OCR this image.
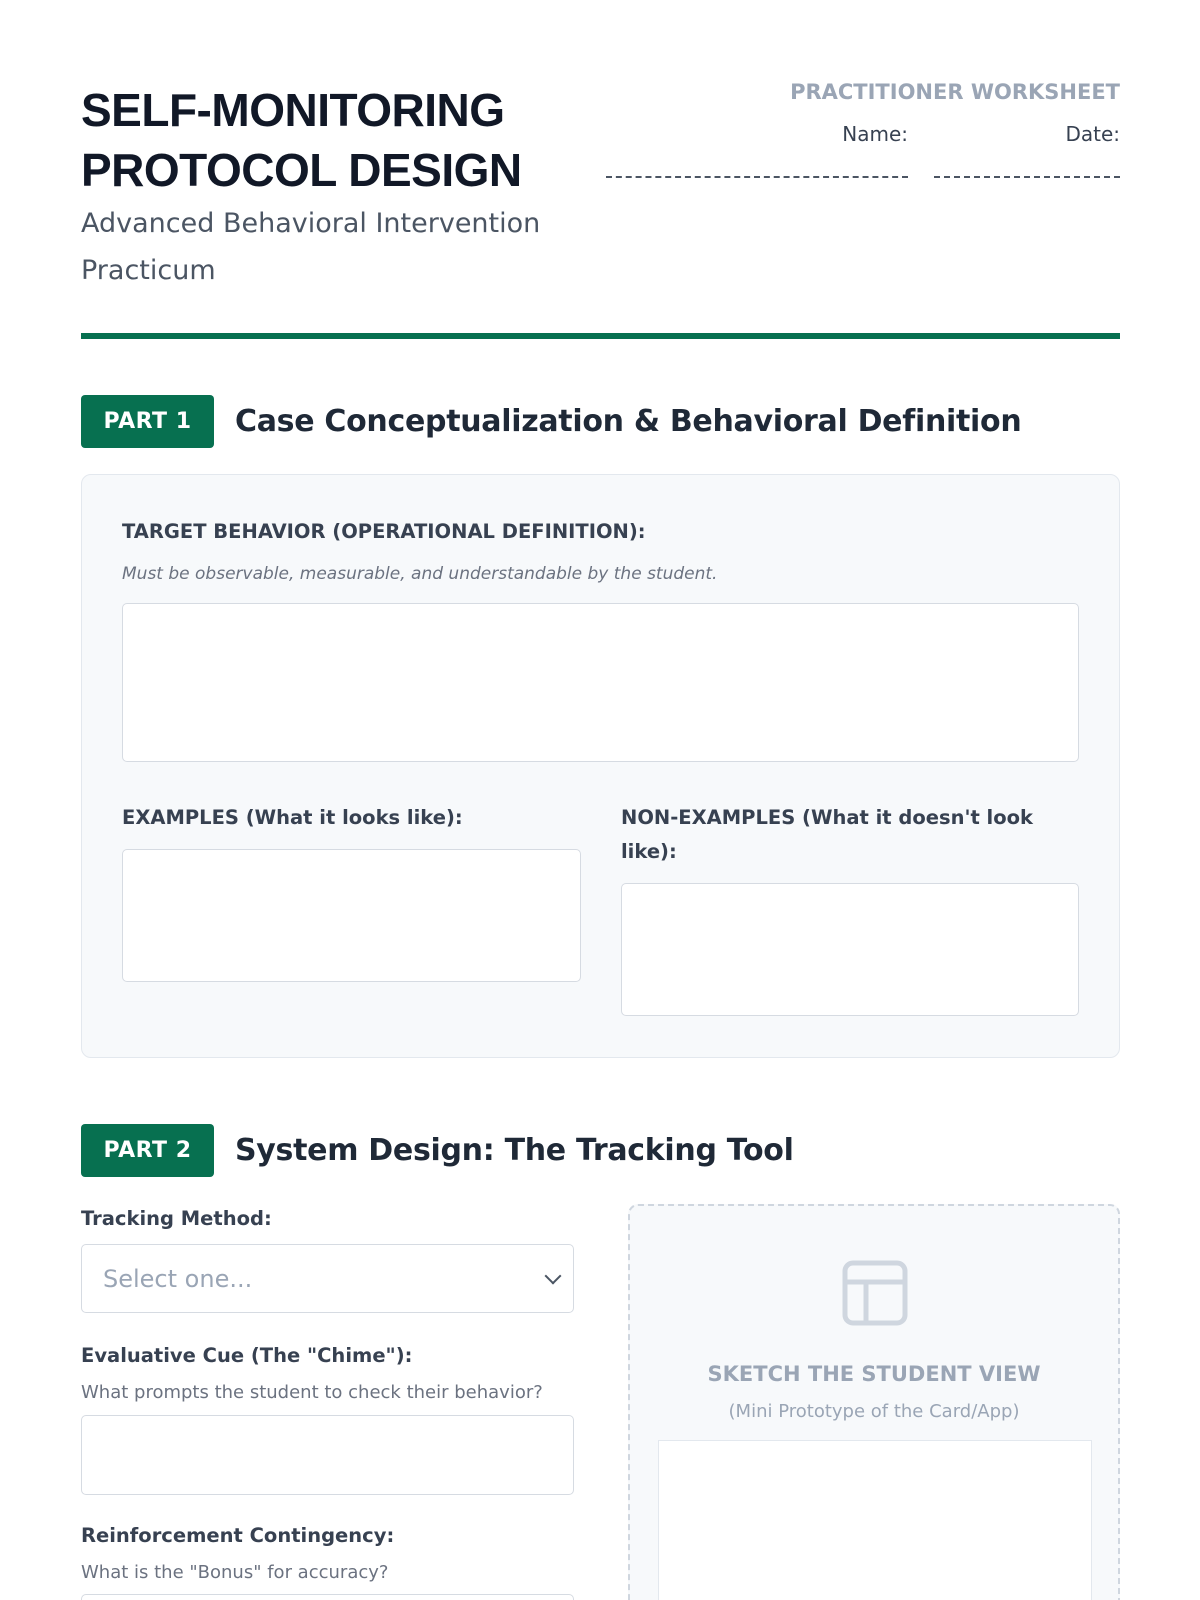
SELF-MONITORING
PROTOCOL DESIGN
Advanced Behavioral Intervention
Practicum
PRACTITIONER WORKSHEET
Name:	Date:
PART 1	Case Conceptualization & Behavioral Definition
TARGET BEHAVIOR (OPERATIONAL DEFINITION):
Must be observable, measurable, and understandable by the student.
EXAMPLES (What it looks like):	NON-EXAMPLES (What it doesn't look
like):
PART 2	System Design: The Tracking Tool
Tracking Method:
Select one...
Evaluative Cue (The "Chime"):
What prompts the student to check their behavior?
Reinforcement Contingency:
What is the "Bonus" for accuracy?
SKETCH THE STUDENT VIEW
(Mini Prototype of the Card/App)
